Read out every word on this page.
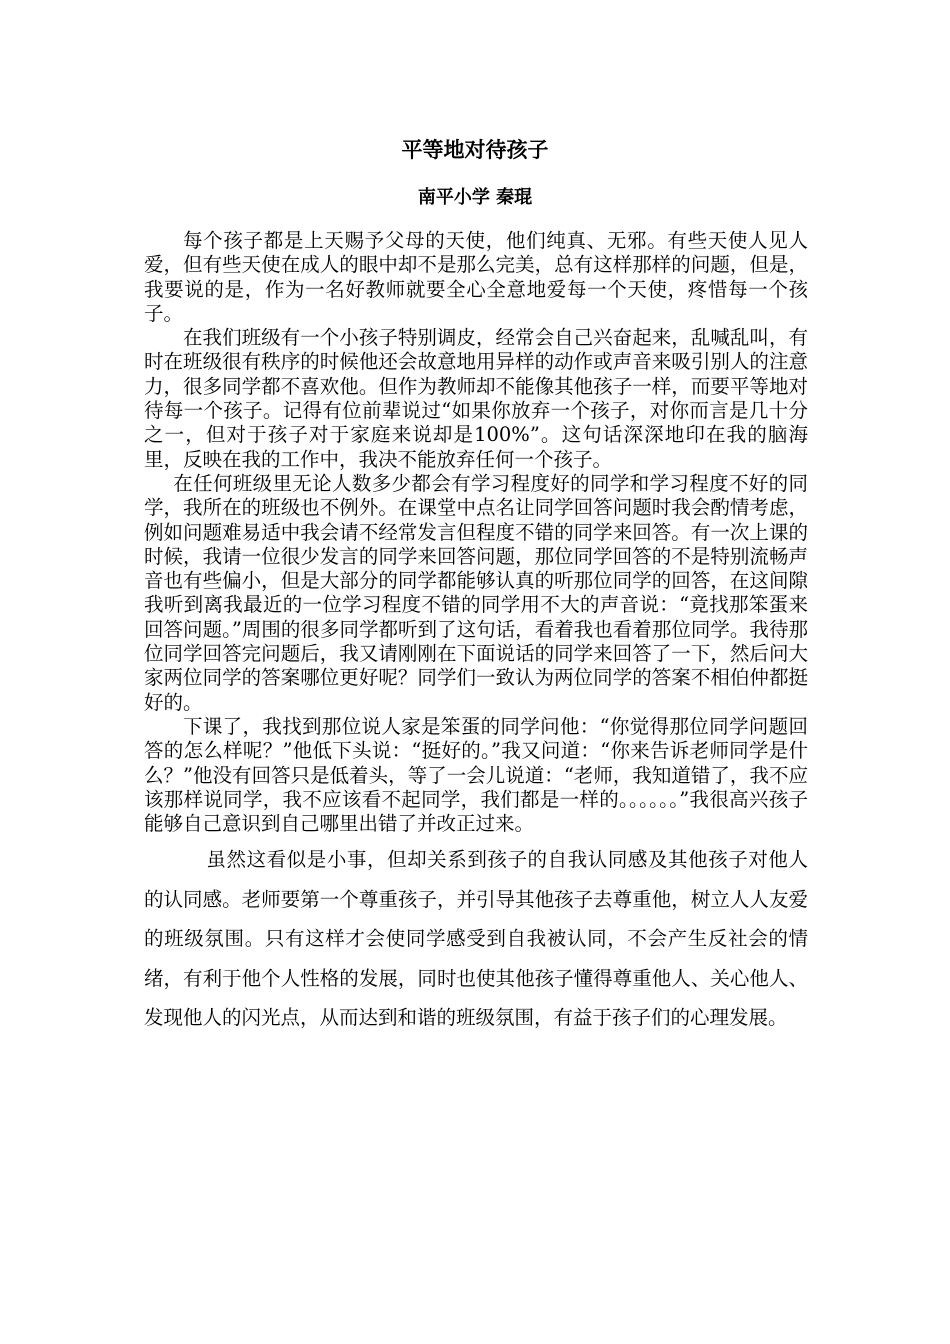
平等地对待孩子
南平小学 秦琨

每个孩子都是上天赐予父母的天使，他们纯真、无邪。有些天使人见人爱，但有些天使在成人的眼中却不是那么完美，总有这样那样的问题，但是，我要说的是，作为一名好教师就要全心全意地爱每一个天使，疼惜每一个孩子。

在我们班级有一个小孩子特别调皮，经常会自己兴奋起来，乱喊乱叫，有时在班级很有秩序的时候他还会故意地用异样的动作或声音来吸引别人的注意力，很多同学都不喜欢他。但作为教师却不能像其他孩子一样，而要平等地对待每一个孩子。记得有位前辈说过“如果你放弃一个孩子，对你而言是几十分之一，但对于孩子对于家庭来说却是100%”。这句话深深地印在我的脑海里，反映在我的工作中，我决不能放弃任何一个孩子。

在任何班级里无论人数多少都会有学习程度好的同学和学习程度不好的同学，我所在的班级也不例外。在课堂中点名让同学回答问题时我会酌情考虑，例如问题难易适中我会请不经常发言但程度不错的同学来回答。有一次上课的时候，我请一位很少发言的同学来回答问题，那位同学回答的不是特别流畅声音也有些偏小，但是大部分的同学都能够认真的听那位同学的回答，在这间隙我听到离我最近的一位学习程度不错的同学用不大的声音说：“竟找那笨蛋来回答问题。”周围的很多同学都听到了这句话，看着我也看着那位同学。我待那位同学回答完问题后，我又请刚刚在下面说话的同学来回答了一下，然后问大家两位同学的答案哪位更好呢？同学们一致认为两位同学的答案不相伯仲都挺好的。

下课了，我找到那位说人家是笨蛋的同学问他：“你觉得那位同学问题回答的怎么样呢？”他低下头说：“挺好的。”我又问道：“你来告诉老师同学是什么？”他没有回答只是低着头，等了一会儿说道：“老师，我知道错了，我不应该那样说同学，我不应该看不起同学，我们都是一样的。。。。。。”我很高兴孩子能够自己意识到自己哪里出错了并改正过来。

虽然这看似是小事，但却关系到孩子的自我认同感及其他孩子对他人的认同感。老师要第一个尊重孩子，并引导其他孩子去尊重他，树立人人友爱的班级氛围。只有这样才会使同学感受到自我被认同，不会产生反社会的情绪，有利于他个人性格的发展，同时也使其他孩子懂得尊重他人、关心他人、发现他人的闪光点，从而达到和谐的班级氛围，有益于孩子们的心理发展。
